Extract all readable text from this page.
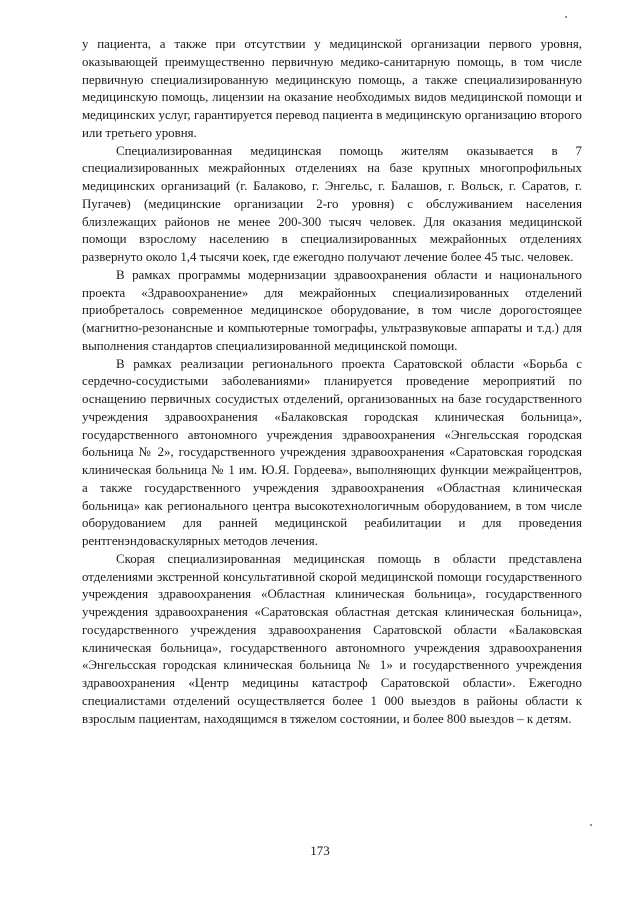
у пациента, а также при отсутствии у медицинской организации первого уровня, оказывающей преимущественно первичную медико-санитарную помощь, в том числе первичную специализированную медицинскую помощь, а также специализированную медицинскую помощь, лицензии на оказание необходимых видов медицинской помощи и медицинских услуг, гарантируется перевод пациента в медицинскую организацию второго или третьего уровня.

Специализированная медицинская помощь жителям оказывается в 7 специализированных межрайонных отделениях на базе крупных многопрофильных медицинских организаций (г. Балаково, г. Энгельс, г. Балашов, г. Вольск, г. Саратов, г. Пугачев) (медицинские организации 2-го уровня) с обслуживанием населения близлежащих районов не менее 200-300 тысяч человек. Для оказания медицинской помощи взрослому населению в специализированных межрайонных отделениях развернуто около 1,4 тысячи коек, где ежегодно получают лечение более 45 тыс. человек.

В рамках программы модернизации здравоохранения области и национального проекта «Здравоохранение» для межрайонных специализированных отделений приобреталось современное медицинское оборудование, в том числе дорогостоящее (магнитно-резонансные и компьютерные томографы, ультразвуковые аппараты и т.д.) для выполнения стандартов специализированной медицинской помощи.

В рамках реализации регионального проекта Саратовской области «Борьба с сердечно-сосудистыми заболеваниями» планируется проведение мероприятий по оснащению первичных сосудистых отделений, организованных на базе государственного учреждения здравоохранения «Балаковская городская клиническая больница», государственного автономного учреждения здравоохранения «Энгельсская городская больница № 2», государственного учреждения здравоохранения «Саратовская городская клиническая больница № 1 им. Ю.Я. Гордеева», выполняющих функции межрайцентров, а также государственного учреждения здравоохранения «Областная клиническая больница» как регионального центра высокотехнологичным оборудованием, в том числе оборудованием для ранней медицинской реабилитации и для проведения рентгенэндоваскулярных методов лечения.

Скорая специализированная медицинская помощь в области представлена отделениями экстренной консультативной скорой медицинской помощи государственного учреждения здравоохранения «Областная клиническая больница», государственного учреждения здравоохранения «Саратовская областная детская клиническая больница», государственного учреждения здравоохранения Саратовской области «Балаковская клиническая больница», государственного автономного учреждения здравоохранения «Энгельсская городская клиническая больница № 1» и государственного учреждения здравоохранения «Центр медицины катастроф Саратовской области». Ежегодно специалистами отделений осуществляется более 1 000 выездов в районы области к взрослым пациентам, находящимся в тяжелом состоянии, и более 800 выездов – к детям.

173
